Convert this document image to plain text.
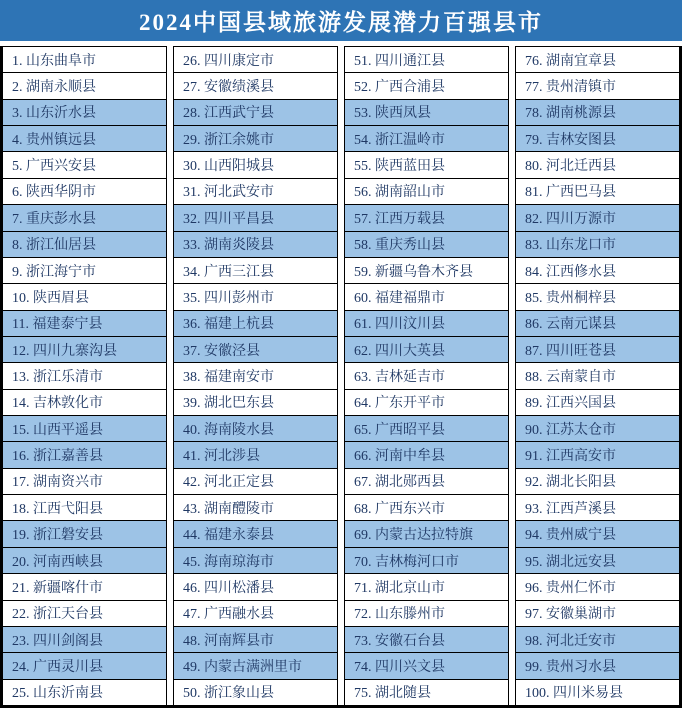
2024中国县域旅游发展潜力百强县市
1. 山东曲阜市
2. 湖南永顺县
3. 山东沂水县
4. 贵州镇远县
5. 广西兴安县
6. 陕西华阴市
7. 重庆彭水县
8. 浙江仙居县
9. 浙江海宁市
10. 陕西眉县
11. 福建泰宁县
12. 四川九寨沟县
13. 浙江乐清市
14. 吉林敦化市
15. 山西平遥县
16. 浙江嘉善县
17. 湖南资兴市
18. 江西弋阳县
19. 浙江磐安县
20. 河南西峡县
21. 新疆喀什市
22. 浙江天台县
23. 四川剑阁县
24. 广西灵川县
25. 山东沂南县
26. 四川康定市
27. 安徽绩溪县
28. 江西武宁县
29. 浙江余姚市
30. 山西阳城县
31. 河北武安市
32. 四川平昌县
33. 湖南炎陵县
34. 广西三江县
35. 四川彭州市
36. 福建上杭县
37. 安徽泾县
38. 福建南安市
39. 湖北巴东县
40. 海南陵水县
41. 河北涉县
42. 河北正定县
43. 湖南醴陵市
44. 福建永泰县
45. 海南琼海市
46. 四川松潘县
47. 广西融水县
48. 河南辉县市
49. 内蒙古满洲里市
50. 浙江象山县
51. 四川通江县
52. 广西合浦县
53. 陕西凤县
54. 浙江温岭市
55. 陕西蓝田县
56. 湖南韶山市
57. 江西万载县
58. 重庆秀山县
59. 新疆乌鲁木齐县
60. 福建福鼎市
61. 四川汶川县
62. 四川大英县
63. 吉林延吉市
64. 广东开平市
65. 广西昭平县
66. 河南中牟县
67. 湖北郧西县
68. 广西东兴市
69. 内蒙古达拉特旗
70. 吉林梅河口市
71. 湖北京山市
72. 山东滕州市
73. 安徽石台县
74. 四川兴文县
75. 湖北随县
76. 湖南宜章县
77. 贵州清镇市
78. 湖南桃源县
79. 吉林安图县
80. 河北迁西县
81. 广西巴马县
82. 四川万源市
83. 山东龙口市
84. 江西修水县
85. 贵州桐梓县
86. 云南元谋县
87. 四川旺苍县
88. 云南蒙自市
89. 江西兴国县
90. 江苏太仓市
91. 江西高安市
92. 湖北长阳县
93. 江西芦溪县
94. 贵州威宁县
95. 湖北远安县
96. 贵州仁怀市
97. 安徽巢湖市
98. 河北迁安市
99. 贵州习水县
100. 四川米易县
